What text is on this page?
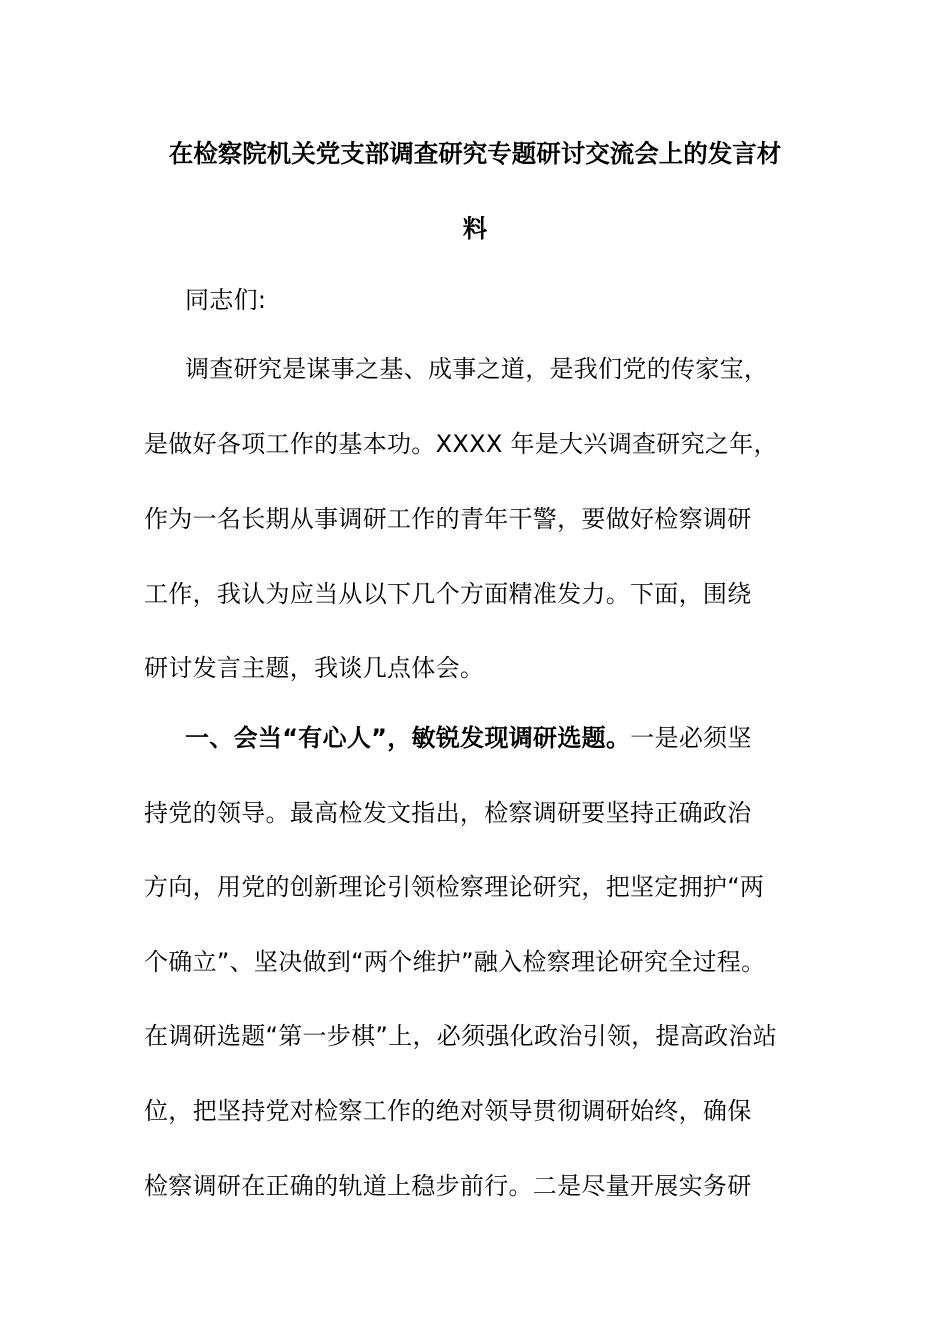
在检察院机关党支部调查研究专题研讨交流会上的发言材
料
同志们:
调查研究是谋事之基、成事之道，是我们党的传家宝，
是做好各项工作的基本功。XXXX 年是大兴调查研究之年，
作为一名长期从事调研工作的青年干警，要做好检察调研
工作，我认为应当从以下几个方面精准发力。下面，围绕
研讨发言主题，我谈几点体会。
一、会当“有心人”，敏锐发现调研选题。一是必须坚
持党的领导。最高检发文指出，检察调研要坚持正确政治
方向，用党的创新理论引领检察理论研究，把坚定拥护“两
个确立”、坚决做到“两个维护”融入检察理论研究全过程。
在调研选题“第一步棋”上，必须强化政治引领，提高政治站
位，把坚持党对检察工作的绝对领导贯彻调研始终，确保
检察调研在正确的轨道上稳步前行。二是尽量开展实务研
